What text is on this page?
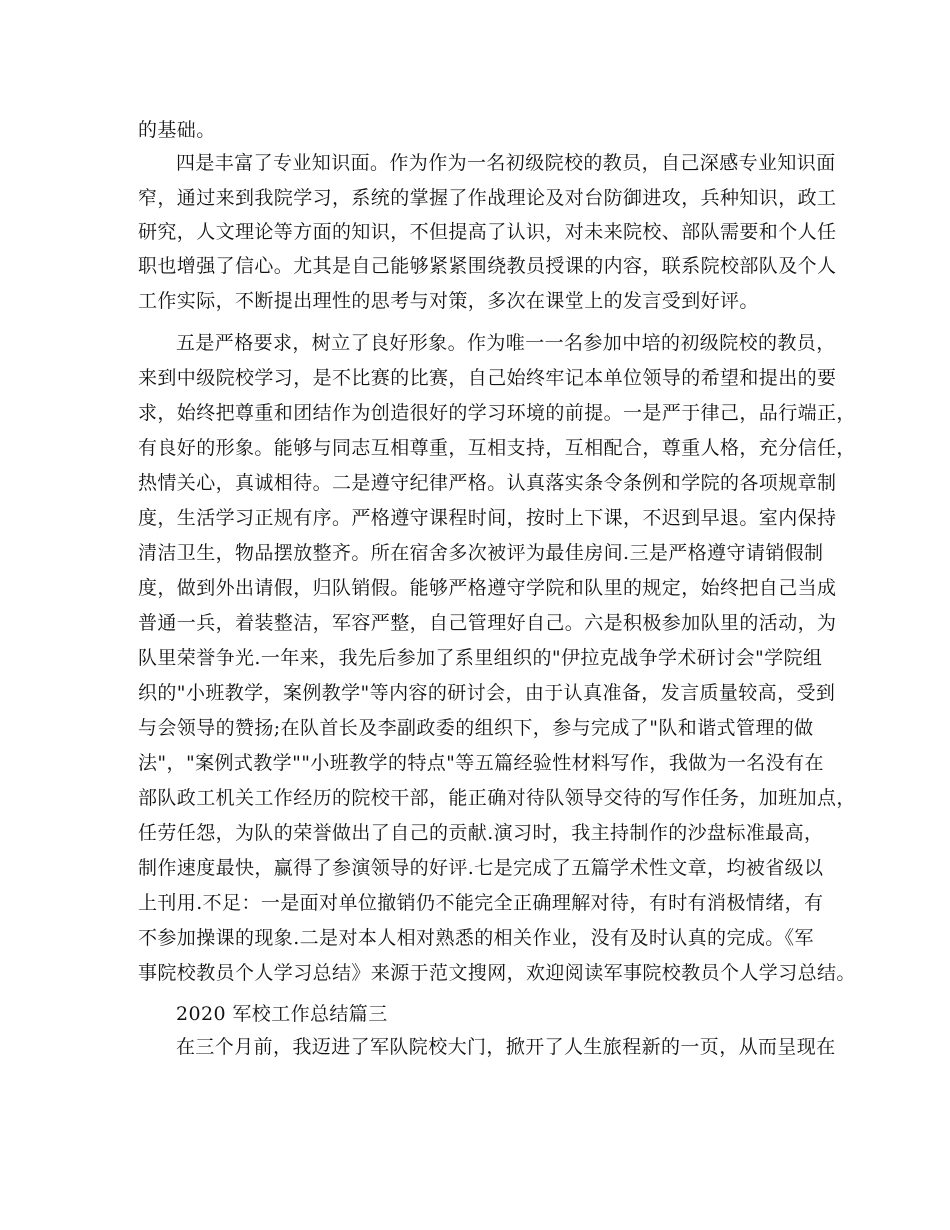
的基础。
四是丰富了专业知识面。作为作为一名初级院校的教员，自己深感专业知识面
窄，通过来到我院学习，系统的掌握了作战理论及对台防御进攻，兵种知识，政工
研究，人文理论等方面的知识，不但提高了认识，对未来院校、部队需要和个人任
职也增强了信心。尤其是自己能够紧紧围绕教员授课的内容，联系院校部队及个人
工作实际，不断提出理性的思考与对策，多次在课堂上的发言受到好评。
五是严格要求，树立了良好形象。作为唯一一名参加中培的初级院校的教员，
来到中级院校学习，是不比赛的比赛，自己始终牢记本单位领导的希望和提出的要
求，始终把尊重和团结作为创造很好的学习环境的前提。一是严于律己，品行端正，
有良好的形象。能够与同志互相尊重，互相支持，互相配合，尊重人格，充分信任，
热情关心，真诚相待。二是遵守纪律严格。认真落实条令条例和学院的各项规章制
度，生活学习正规有序。严格遵守课程时间，按时上下课，不迟到早退。室内保持
清洁卫生，物品摆放整齐。所在宿舍多次被评为最佳房间.三是严格遵守请销假制
度，做到外出请假，归队销假。能够严格遵守学院和队里的规定，始终把自己当成
普通一兵，着装整洁，军容严整，自己管理好自己。六是积极参加队里的活动，为
队里荣誉争光.一年来，我先后参加了系里组织的"伊拉克战争学术研讨会"学院组
织的"小班教学，案例教学"等内容的研讨会，由于认真准备，发言质量较高，受到
与会领导的赞扬;在队首长及李副政委的组织下，参与完成了"队和谐式管理的做
法"，"案例式教学""小班教学的特点"等五篇经验性材料写作，我做为一名没有在
部队政工机关工作经历的院校干部，能正确对待队领导交待的写作任务，加班加点，
任劳任怨，为队的荣誉做出了自己的贡献.演习时，我主持制作的沙盘标准最高，
制作速度最快，赢得了参演领导的好评.七是完成了五篇学术性文章，均被省级以
上刊用.不足：一是面对单位撤销仍不能完全正确理解对待，有时有消极情绪，有
不参加操课的现象.二是对本人相对熟悉的相关作业，没有及时认真的完成。《军
事院校教员个人学习总结》来源于范文搜网，欢迎阅读军事院校教员个人学习总结。
2020 军校工作总结篇三
在三个月前，我迈进了军队院校大门，掀开了人生旅程新的一页，从而呈现在
